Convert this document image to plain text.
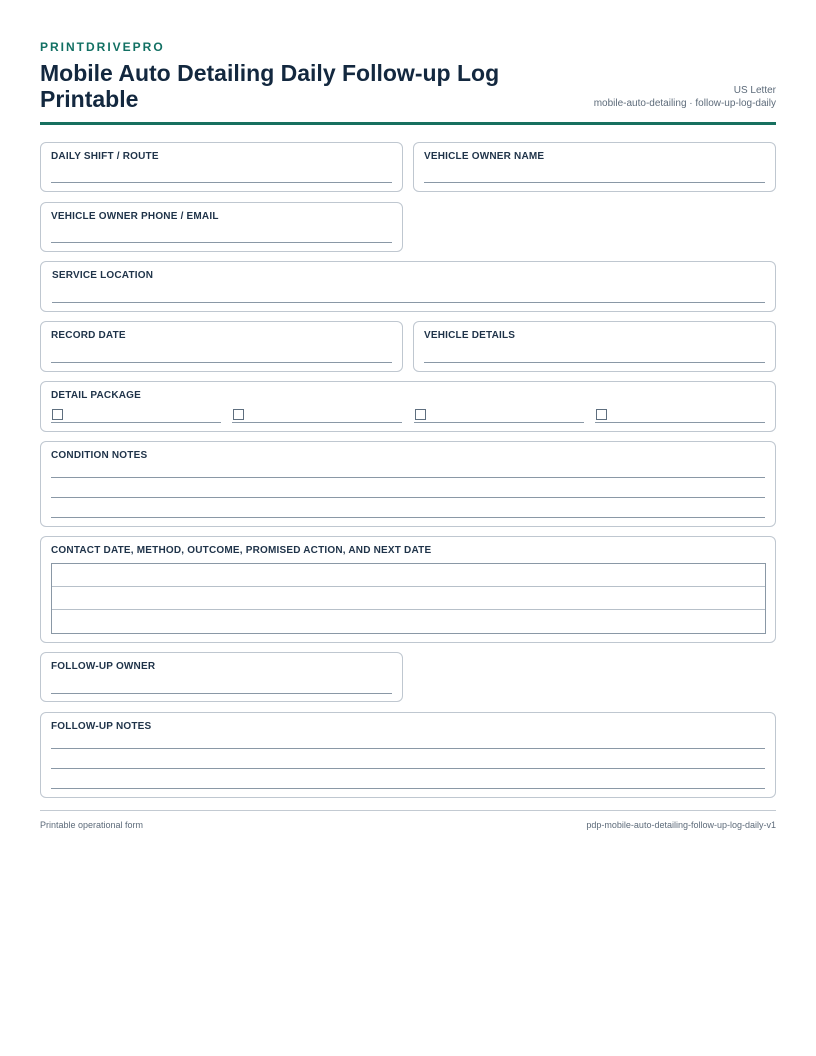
PRINTDRIVEPRO
Mobile Auto Detailing Daily Follow-up Log
Printable	US Letter
mobile-auto-detailing · follow-up-log-daily
DAILY SHIFT / ROUTE	VEHICLE OWNER NAME
VEHICLE OWNER PHONE / EMAIL
SERVICE LOCATION
RECORD DATE	VEHICLE DETAILS
DETAIL PACKAGE
CONDITION NOTES
CONTACT DATE, METHOD, OUTCOME, PROMISED ACTION, AND NEXT DATE
FOLLOW-UP OWNER
FOLLOW-UP NOTES
Printable operational form	pdp-mobile-auto-detailing-follow-up-log-daily-v1
